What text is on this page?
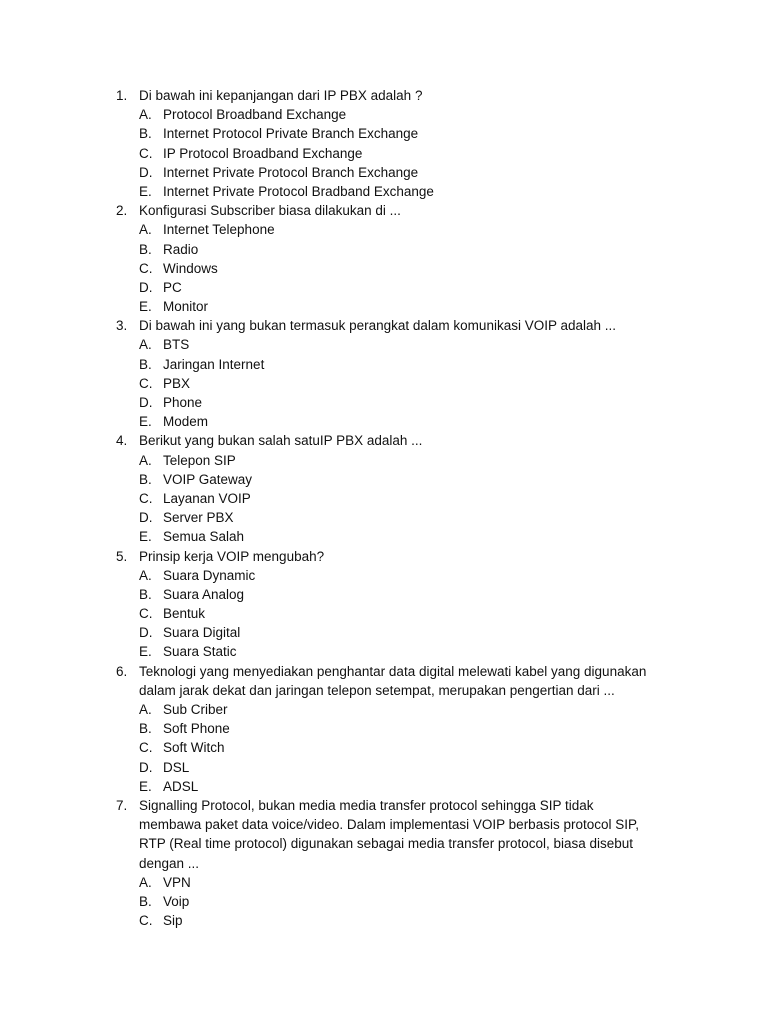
1. Di bawah ini kepanjangan dari IP PBX adalah ?
A. Protocol Broadband Exchange
B. Internet Protocol Private Branch Exchange
C. IP Protocol Broadband Exchange
D. Internet Private Protocol Branch Exchange
E. Internet Private Protocol Bradband Exchange
2. Konfigurasi Subscriber biasa dilakukan di ...
A. Internet Telephone
B. Radio
C. Windows
D. PC
E. Monitor
3. Di bawah ini yang bukan termasuk perangkat dalam komunikasi VOIP adalah ...
A. BTS
B. Jaringan Internet
C. PBX
D. Phone
E. Modem
4. Berikut yang bukan salah satuIP PBX adalah ...
A. Telepon SIP
B. VOIP Gateway
C. Layanan VOIP
D. Server PBX
E. Semua Salah
5. Prinsip kerja VOIP mengubah?
A. Suara Dynamic
B. Suara Analog
C. Bentuk
D. Suara Digital
E. Suara Static
6. Teknologi yang menyediakan penghantar data digital melewati kabel yang digunakan
dalam jarak dekat dan jaringan telepon setempat, merupakan pengertian dari ...
A. Sub Criber
B. Soft Phone
C. Soft Witch
D. DSL
E. ADSL
7. Signalling Protocol, bukan media media transfer protocol sehingga SIP tidak
membawa paket data voice/video. Dalam implementasi VOIP berbasis protocol SIP,
RTP (Real time protocol) digunakan sebagai media transfer protocol, biasa disebut
dengan ...
A. VPN
B. Voip
C. Sip
